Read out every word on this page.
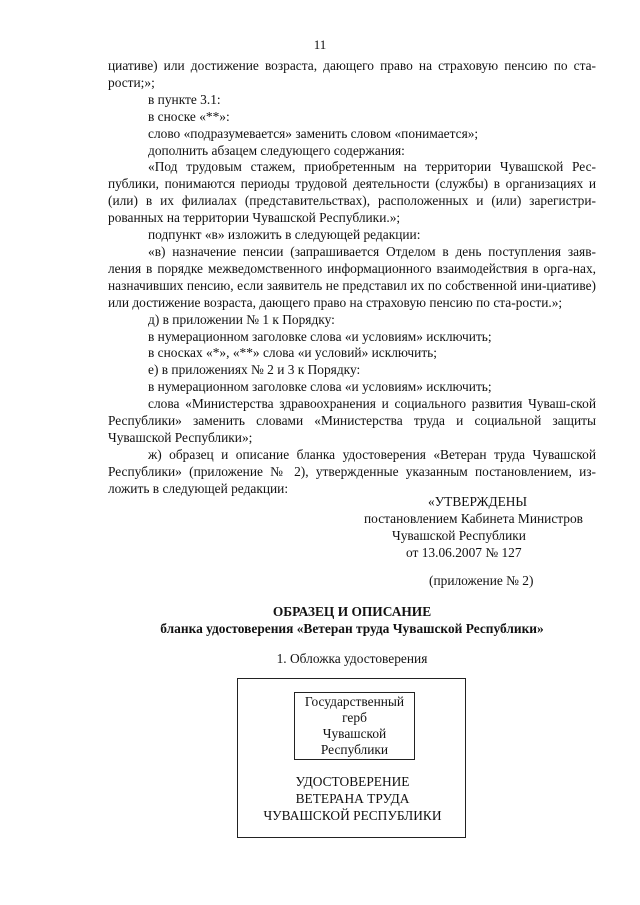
11

циативе) или достижение возраста, дающего право на страховую пенсию по ста-рости;»;

в пункте 3.1:

в сноске «**»:

слово «подразумевается» заменить словом «понимается»;

дополнить абзацем следующего содержания:

«Под трудовым стажем, приобретенным на территории Чувашской Рес-публики, понимаются периоды трудовой деятельности (службы) в организациях и (или) в их филиалах (представительствах), расположенных и (или) зарегистри-рованных на территории Чувашской Республики.»;

подпункт «в» изложить в следующей редакции:

«в) назначение пенсии (запрашивается Отделом в день поступления заяв-ления в порядке межведомственного информационного взаимодействия в орга-нах, назначивших пенсию, если заявитель не представил их по собственной ини-циативе) или достижение возраста, дающего право на страховую пенсию по ста-рости.»;

д) в приложении № 1 к Порядку:

в нумерационном заголовке слова «и условиям» исключить;

в сносках «*», «**» слова «и условий» исключить;

е) в приложениях № 2 и 3 к Порядку:

в нумерационном заголовке слова «и условиям» исключить;

слова «Министерства здравоохранения и социального развития Чуваш-ской Республики» заменить словами «Министерства труда и социальной защиты Чувашской Республики»;

ж) образец и описание бланка удостоверения «Ветеран труда Чувашской Республики» (приложение № 2), утвержденные указанным постановлением, из-ложить в следующей редакции:

«УТВЕРЖДЕНЫ
постановлением Кабинета Министров
Чувашской Республики
от 13.06.2007 № 127
(приложение № 2)
ОБРАЗЕЦ И ОПИСАНИЕ
бланка удостоверения «Ветеран труда Чувашской Республики»
1. Обложка удостоверения
Государственный
герб
Чувашской
Республики
УДОСТОВЕРЕНИЕ
ВЕТЕРАНА ТРУДА
ЧУВАШСКОЙ РЕСПУБЛИКИ
